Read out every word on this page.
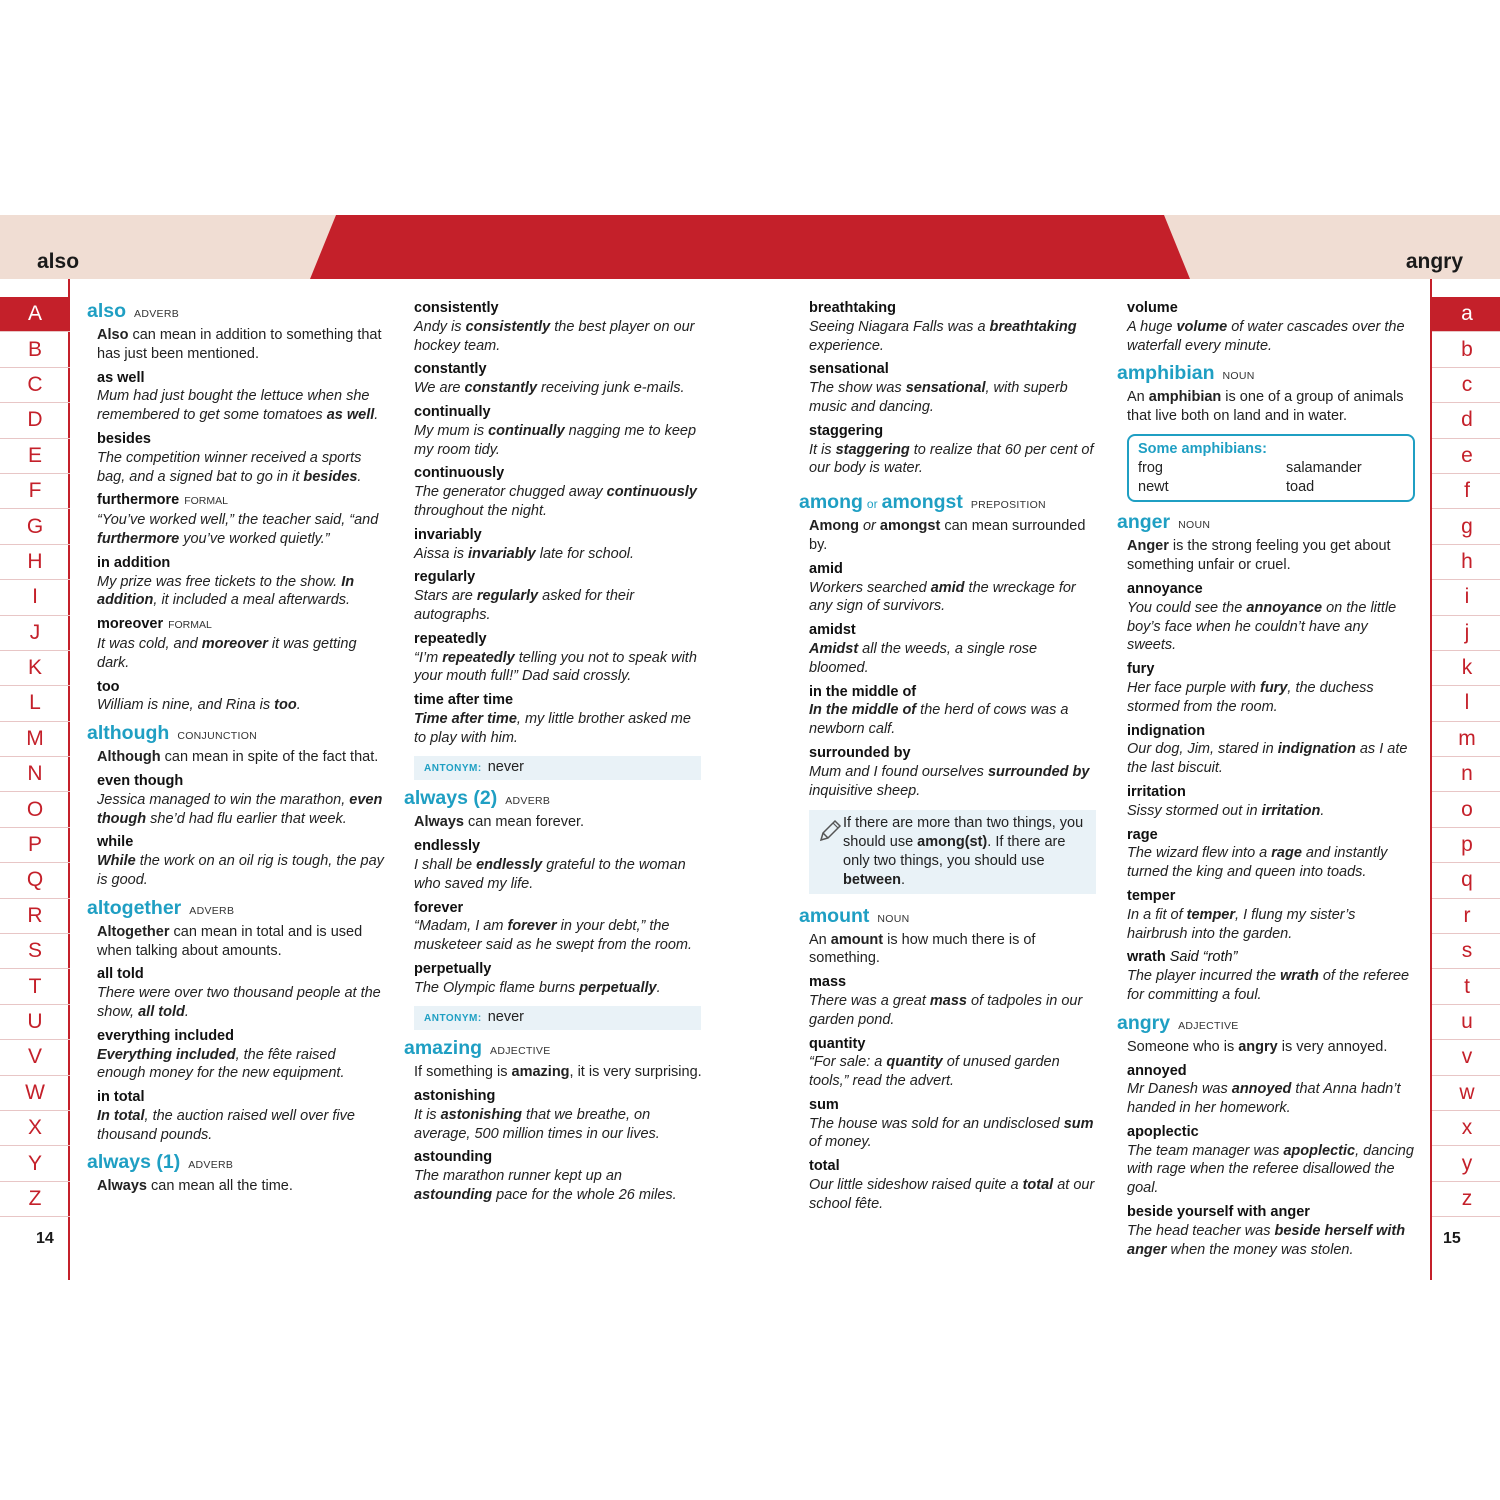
also	angry
A
B
C
D
E
F
G
H
I
J
K
L
M
N
O
P
Q
R
S
T
U
V
W
X
Y
Z
a
b
c
d
e
f
g
h
i
j
k
l
m
n
o
p
q
r
s
t
u
v
w
x
y
z
14	15
also ADVERB
Also can mean in addition to something that has just been mentioned.
as well
Mum had just bought the lettuce when she remembered to get some tomatoes as well.
besides
The competition winner received a sports bag, and a signed bat to go in it besides.
furthermore FORMAL
“You’ve worked well,” the teacher said, “and furthermore you’ve worked quietly.”
in addition
My prize was free tickets to the show. In addition, it included a meal afterwards.
moreover FORMAL
It was cold, and moreover it was getting dark.
too
William is nine, and Rina is too.
although CONJUNCTION
Although can mean in spite of the fact that.
even though
Jessica managed to win the marathon, even though she’d had flu earlier that week.
while
While the work on an oil rig is tough, the pay is good.
altogether ADVERB
Altogether can mean in total and is used when talking about amounts.
all told
There were over two thousand people at the show, all told.
everything included
Everything included, the fête raised enough money for the new equipment.
in total
In total, the auction raised well over five thousand pounds.
always (1) ADVERB
Always can mean all the time.
consistently
Andy is consistently the best player on our hockey team.
constantly
We are constantly receiving junk e-mails.
continually
My mum is continually nagging me to keep my room tidy.
continuously
The generator chugged away continuously throughout the night.
invariably
Aissa is invariably late for school.
regularly
Stars are regularly asked for their autographs.
repeatedly
“I’m repeatedly telling you not to speak with your mouth full!” Dad said crossly.
time after time
Time after time, my little brother asked me to play with him.
ANTONYM: never
always (2) ADVERB
Always can mean forever.
endlessly
I shall be endlessly grateful to the woman who saved my life.
forever
“Madam, I am forever in your debt,” the musketeer said as he swept from the room.
perpetually
The Olympic flame burns perpetually.
ANTONYM: never
amazing ADJECTIVE
If something is amazing, it is very surprising.
astonishing
It is astonishing that we breathe, on average, 500 million times in our lives.
astounding
The marathon runner kept up an astounding pace for the whole 26 miles.
breathtaking
Seeing Niagara Falls was a breathtaking experience.
sensational
The show was sensational, with superb music and dancing.
staggering
It is staggering to realize that 60 per cent of our body is water.
among or amongst PREPOSITION
Among or amongst can mean surrounded by.
amid
Workers searched amid the wreckage for any sign of survivors.
amidst
Amidst all the weeds, a single rose bloomed.
in the middle of
In the middle of the herd of cows was a newborn calf.
surrounded by
Mum and I found ourselves surrounded by inquisitive sheep.
If there are more than two things, you should use among(st). If there are only two things, you should use between.
amount NOUN
An amount is how much there is of something.
mass
There was a great mass of tadpoles in our garden pond.
quantity
“For sale: a quantity of unused garden tools,” read the advert.
sum
The house was sold for an undisclosed sum of money.
total
Our little sideshow raised quite a total at our school fête.
volume
A huge volume of water cascades over the waterfall every minute.
amphibian NOUN
An amphibian is one of a group of animals that live both on land and in water.
Some amphibians:
frog	salamander
newt	toad
anger NOUN
Anger is the strong feeling you get about something unfair or cruel.
annoyance
You could see the annoyance on the little boy’s face when he couldn’t have any sweets.
fury
Her face purple with fury, the duchess stormed from the room.
indignation
Our dog, Jim, stared in indignation as I ate the last biscuit.
irritation
Sissy stormed out in irritation.
rage
The wizard flew into a rage and instantly turned the king and queen into toads.
temper
In a fit of temper, I flung my sister’s hairbrush into the garden.
wrath Said “roth”
The player incurred the wrath of the referee for committing a foul.
angry ADJECTIVE
Someone who is angry is very annoyed.
annoyed
Mr Danesh was annoyed that Anna hadn’t handed in her homework.
apoplectic
The team manager was apoplectic, dancing with rage when the referee disallowed the goal.
beside yourself with anger
The head teacher was beside herself with anger when the money was stolen.
